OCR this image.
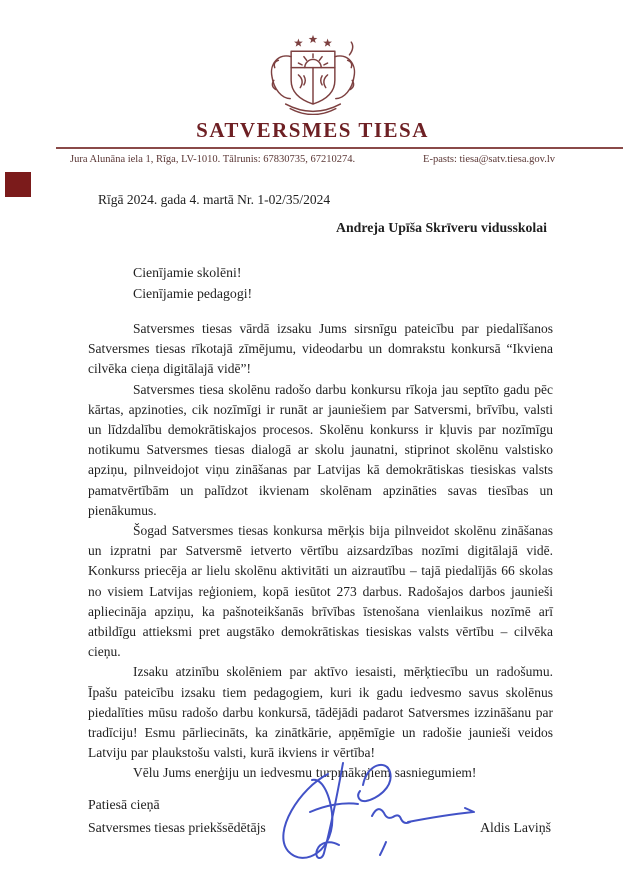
SATVERSMES TIESA
Jura Alunāna iela 1, Rīga, LV-1010. Tālrunis: 67830735, 67210274.	E-pasts: tiesa@satv.tiesa.gov.lv

Rīgā 2024. gada 4. martā Nr. 1-02/35/2024

Andreja Upīša Skrīveru vidusskolai

Cienījamie skolēni!

Cienījamie pedagogi!

Satversmes tiesas vārdā izsaku Jums sirsnīgu pateicību par piedalīšanos Satversmes tiesas rīkotajā zīmējumu, videodarbu un domrakstu konkursā “Ikviena cilvēka cieņa digitālajā vidē”!

Satversmes tiesa skolēnu radošo darbu konkursu rīkoja jau septīto gadu pēc kārtas, apzinoties, cik nozīmīgi ir runāt ar jauniešiem par Satversmi, brīvību, valsti un līdzdalību demokrātiskajos procesos. Skolēnu konkurss ir kļuvis par nozīmīgu notikumu Satversmes tiesas dialogā ar skolu jaunatni, stiprinot skolēnu valstisko apziņu, pilnveidojot viņu zināšanas par Latvijas kā demokrātiskas tiesiskas valsts pamatvērtībām un palīdzot ikvienam skolēnam apzināties savas tiesības un pienākumus.

Šogad Satversmes tiesas konkursa mērķis bija pilnveidot skolēnu zināšanas un izpratni par Satversmē ietverto vērtību aizsardzības nozīmi digitālajā vidē. Konkurss priecēja ar lielu skolēnu aktivitāti un aizrautību – tajā piedalījās 66 skolas no visiem Latvijas reģioniem, kopā iesūtot 273 darbus. Radošajos darbos jaunieši apliecināja apziņu, ka pašnoteikšanās brīvības īstenošana vienlaikus nozīmē arī atbildīgu attieksmi pret augstāko demokrātiskas tiesiskas valsts vērtību – cilvēka cieņu.

Izsaku atzinību skolēniem par aktīvo iesaisti, mērķtiecību un radošumu. Īpašu pateicību izsaku tiem pedagogiem, kuri ik gadu iedvesmo savus skolēnus piedalīties mūsu radošo darbu konkursā, tādējādi padarot Satversmes izzināšanu par tradīciju! Esmu pārliecināts, ka zinātkārie, apņēmīgie un radošie jaunieši veidos Latviju par plaukstošu valsti, kurā ikviens ir vērtība!

Vēlu Jums enerģiju un iedvesmu turpmākajiem sasniegumiem!

Patiesā cieņā

Satversmes tiesas priekšsēdētājs	Aldis Laviņš
